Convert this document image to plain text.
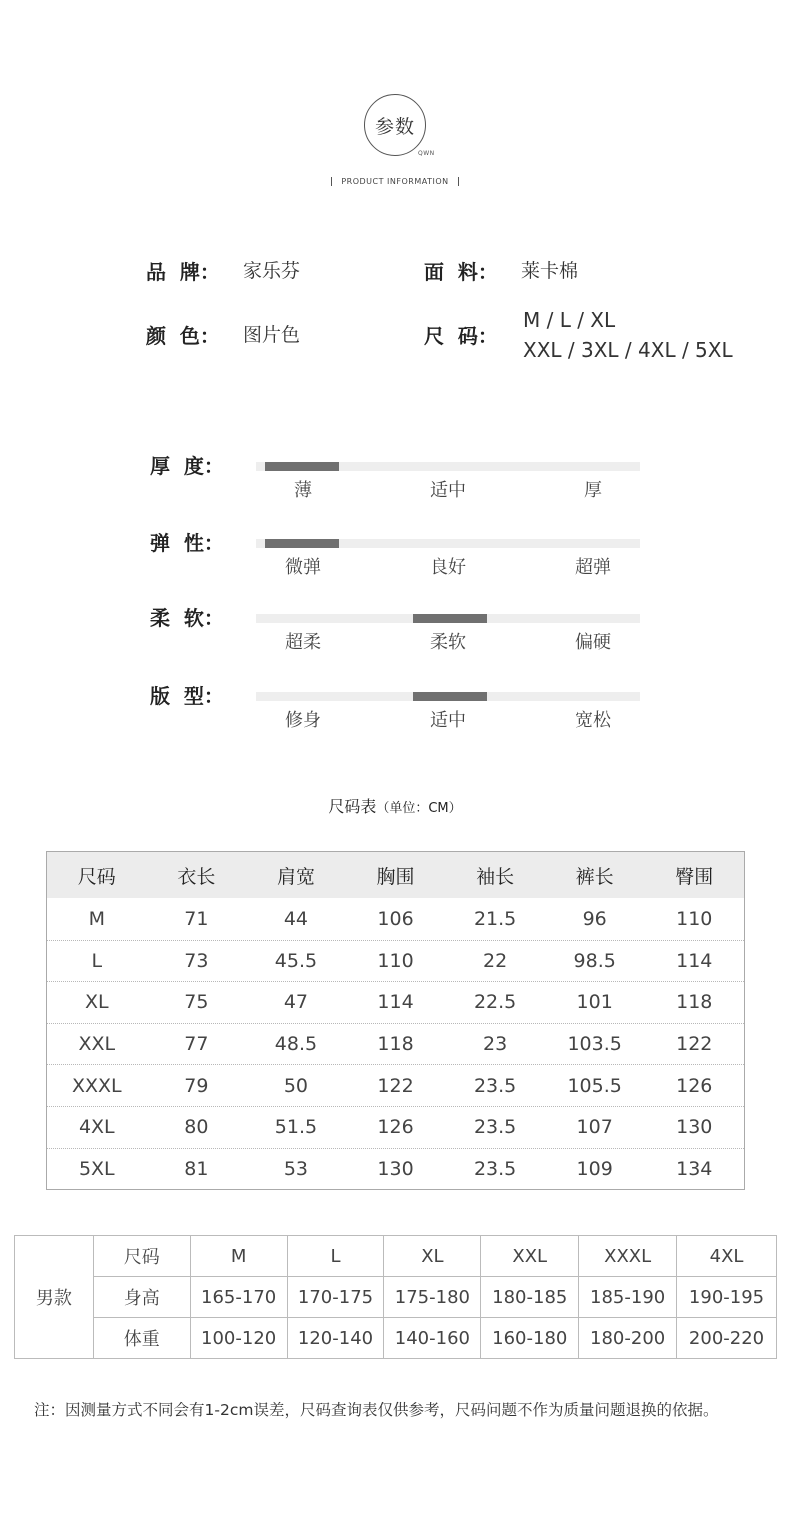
参数
QWN
PRODUCT INFORMATION
品  牌： 家乐芬	面  料： 莱卡棉
颜  色： 图片色	尺  码：
M / L / XL
XXL / 3XL / 4XL / 5XL
厚  度：
薄	适中	厚
弹  性：
微弹	良好	超弹
柔  软：
超柔	柔软	偏硬
版  型：
修身	适中	宽松
尺码表（单位：CM）
尺码	衣长	肩宽	胸围	袖长	裤长	臀围
M	71	44	106	21.5	96	110
L	73	45.5	110	22	98.5	114
XL	75	47	114	22.5	101	118
XXL	77	48.5	118	23	103.5	122
XXXL	79	50	122	23.5	105.5	126
4XL	80	51.5	126	23.5	107	130
5XL	81	53	130	23.5	109	134
男款	尺码	M	L	XL	XXL	XXXL	4XL
	身高	165-170	170-175	175-180	180-185	185-190	190-195
	体重	100-120	120-140	140-160	160-180	180-200	200-220
注：因测量方式不同会有1-2cm误差，尺码查询表仅供参考，尺码问题不作为质量问题退换的依据。
